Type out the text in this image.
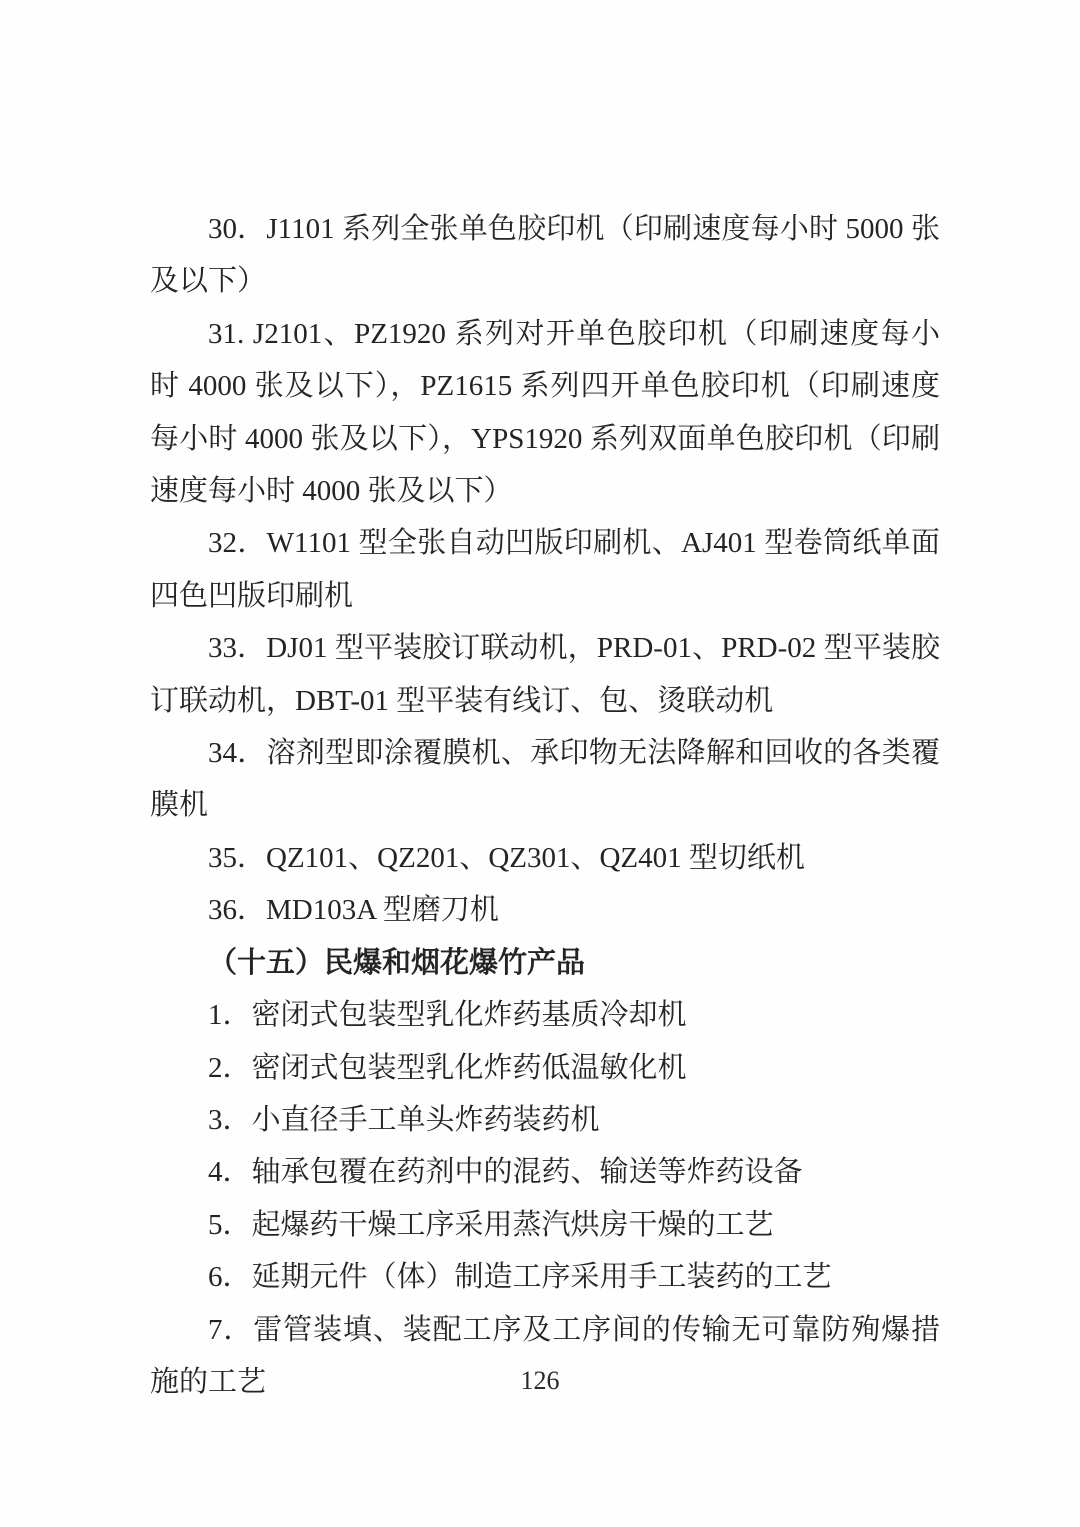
30．J1101 系列全张单色胶印机（印刷速度每小时 5000 张及以下）

31. J2101、PZ1920 系列对开单色胶印机（印刷速度每小时 4000 张及以下），PZ1615 系列四开单色胶印机（印刷速度每小时 4000 张及以下），YPS1920 系列双面单色胶印机（印刷速度每小时 4000 张及以下）

32．W1101 型全张自动凹版印刷机、AJ401 型卷筒纸单面四色凹版印刷机

33．DJ01 型平装胶订联动机，PRD-01、PRD-02 型平装胶订联动机，DBT-01 型平装有线订、包、烫联动机

34．溶剂型即涂覆膜机、承印物无法降解和回收的各类覆膜机

35．QZ101、QZ201、QZ301、QZ401 型切纸机

36．MD103A 型磨刀机

（十五）民爆和烟花爆竹产品

1．密闭式包装型乳化炸药基质冷却机

2．密闭式包装型乳化炸药低温敏化机

3．小直径手工单头炸药装药机

4．轴承包覆在药剂中的混药、输送等炸药设备

5．起爆药干燥工序采用蒸汽烘房干燥的工艺

6．延期元件（体）制造工序采用手工装药的工艺

7．雷管装填、装配工序及工序间的传输无可靠防殉爆措施的工艺	126
